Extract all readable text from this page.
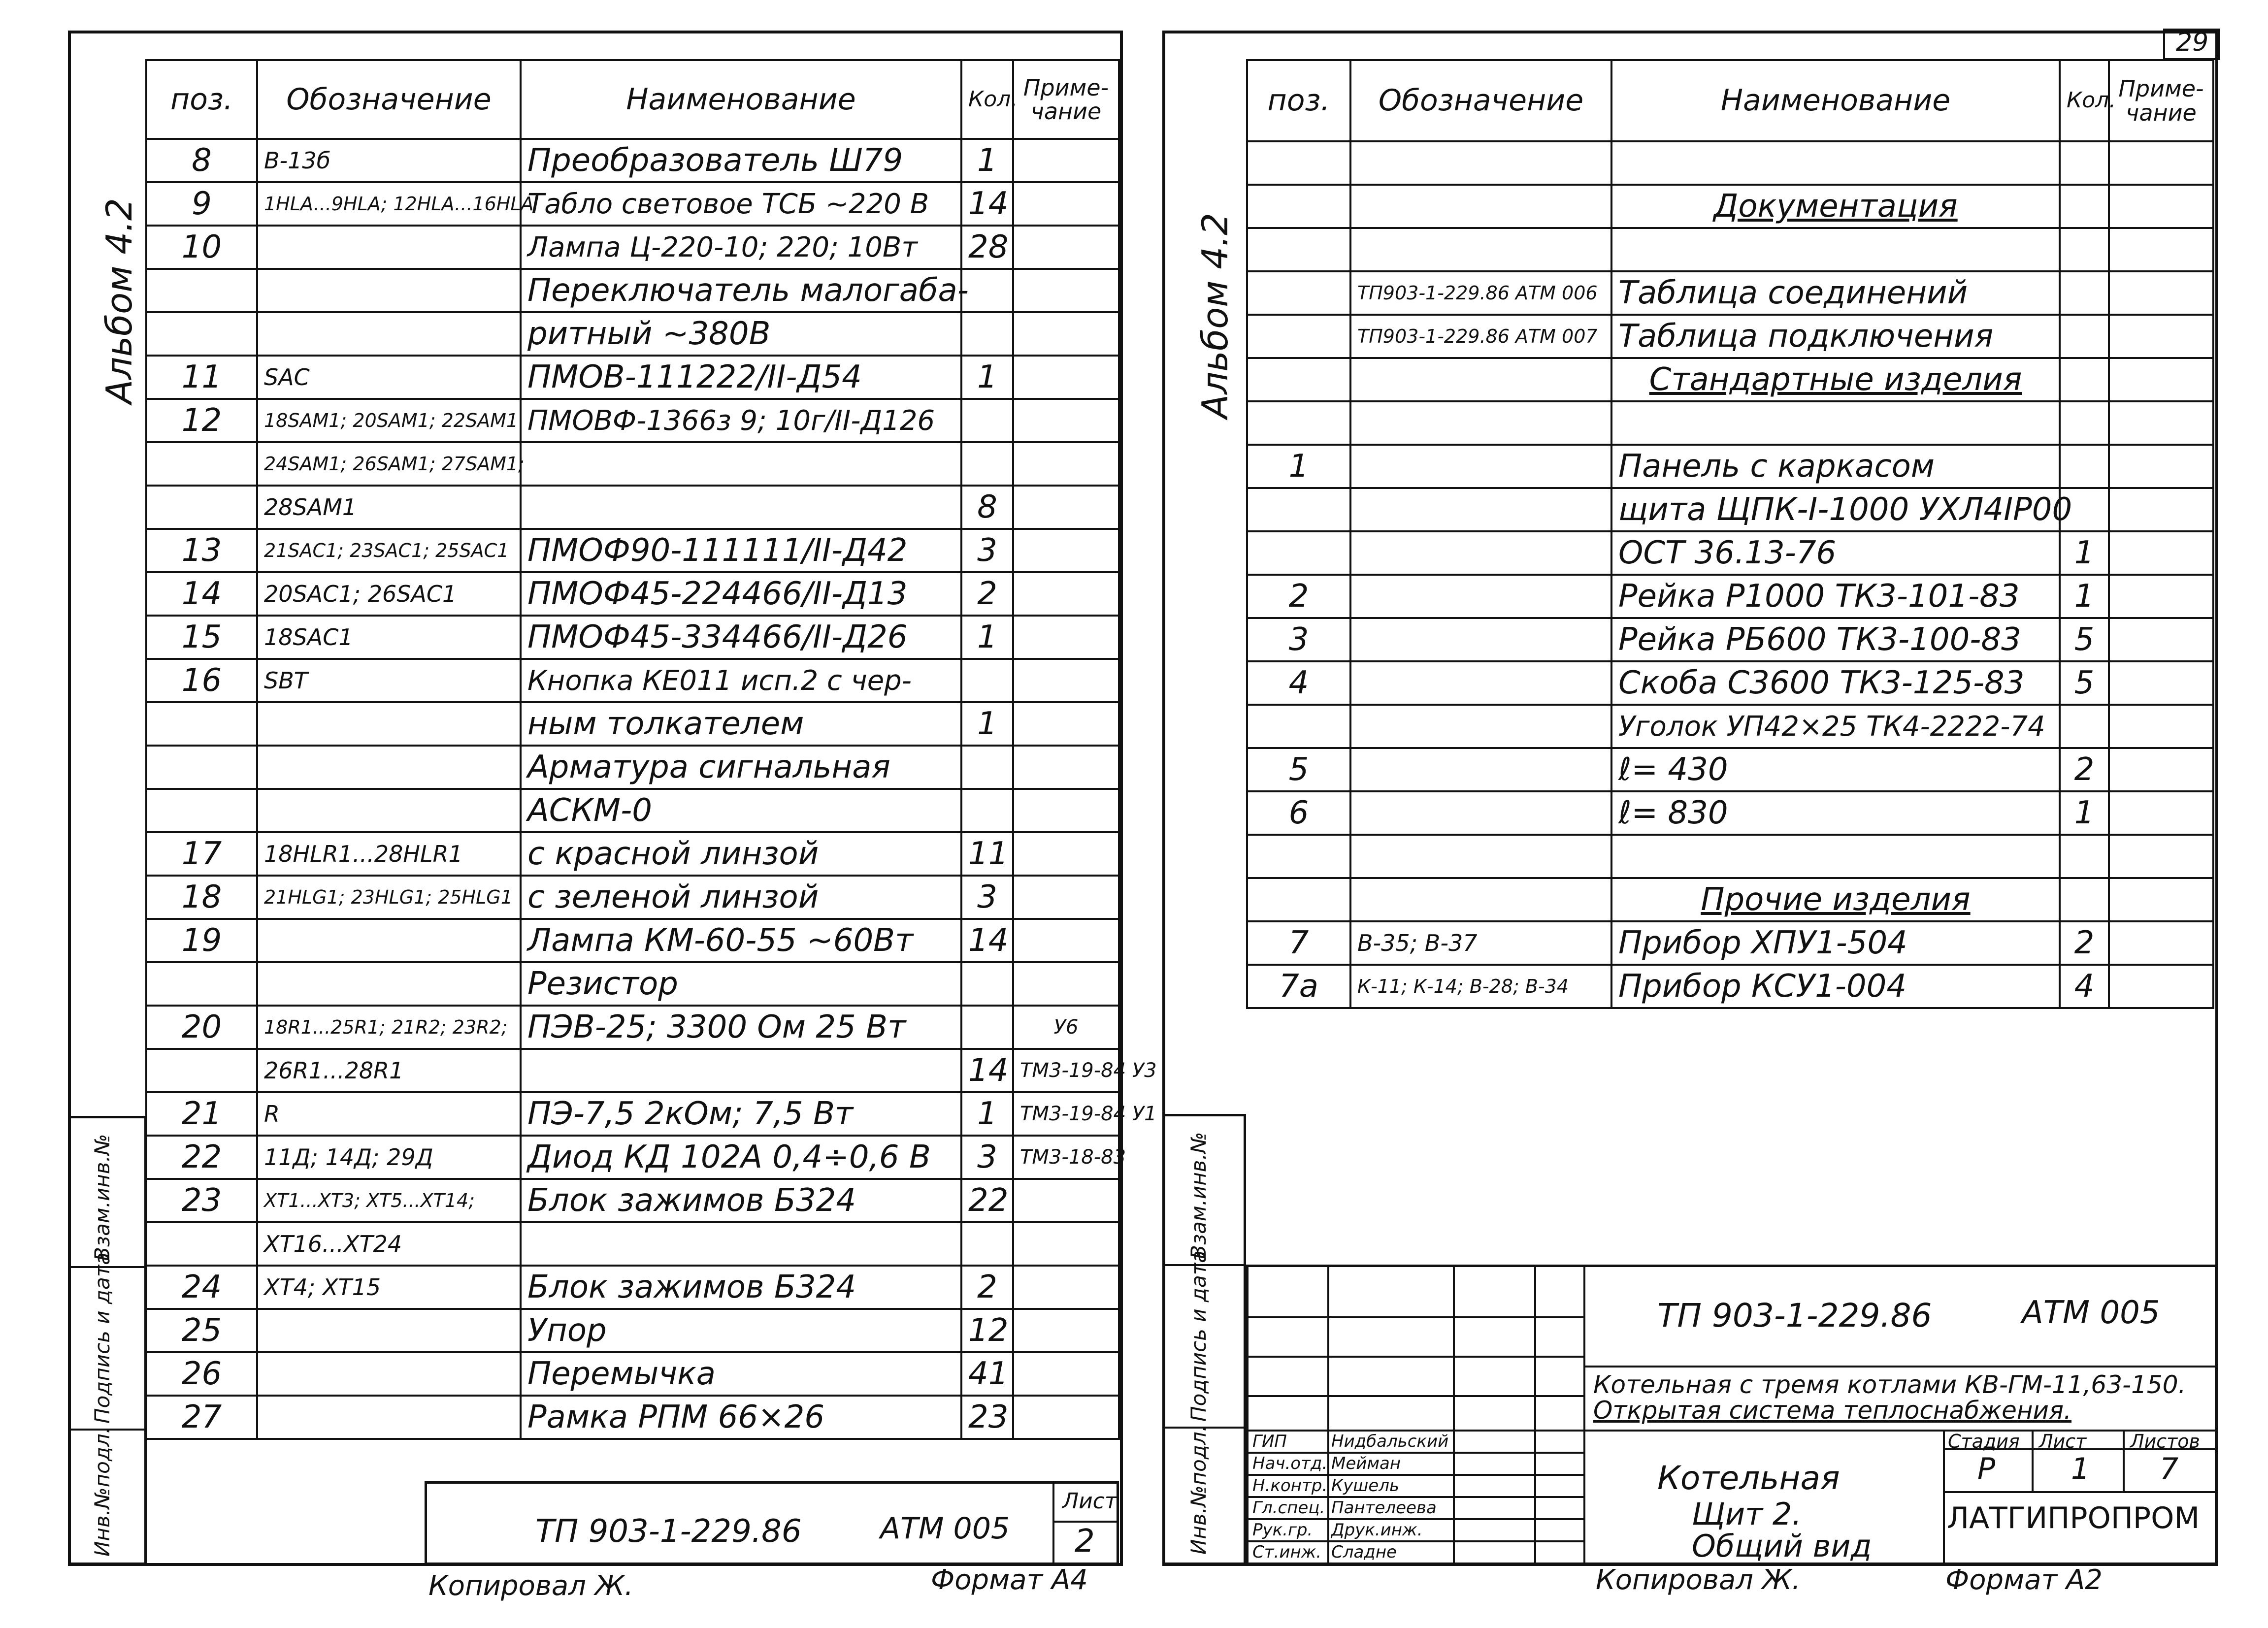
Альбом 4.2
поз.	Обозначение	Наименование	Кол.	Приме-чание
8	В-13б	Преобразователь Ш79	1	
9	1HLA...9HLA; 12HLA...16HLA	Табло световое ТСБ ~220 В	14	
10		Лампа Ц-220-10; 220; 10Вт	28	
		Переключатель малогаба-		
		ритный ~380В		
11	SAC	ПМОВ-111222/II-Д54	1	
12	18SAM1; 20SAM1; 22SAM1	ПМОВФ-1366з 9; 10г/II-Д126		
	24SAM1; 26SAM1; 27SAM1;			
	28SAM1		8	
13	21SAC1; 23SAC1; 25SAC1	ПМОФ90-111111/II-Д42	3	
14	20SAC1; 26SAC1	ПМОФ45-224466/II-Д13	2	
15	18SAC1	ПМОФ45-334466/II-Д26	1	
16	SBT	Кнопка КЕ011 исп.2 с чер-		
		ным толкателем	1	
		Арматура сигнальная		
		АСКМ-0		
17	18HLR1...28HLR1	с красной линзой	11	
18	21HLG1; 23HLG1; 25HLG1	с зеленой линзой	3	
19		Лампа КМ-60-55 ~60Вт	14	
		Резистор		
20	18R1...25R1; 21R2; 23R2;	ПЭВ-25; 3300 Ом 25 Вт		У6
	26R1...28R1		14	ТМ3-19-84 У3
21	R	ПЭ-7,5 2кОм; 7,5 Вт	1	ТМ3-19-84 У1
22	11Д; 14Д; 29Д	Диод КД 102А 0,4÷0,6 В	3	ТМ3-18-83
23	XT1...XT3; XT5...XT14;	Блок зажимов Б324	22	
	XT16...XT24			
24	XT4; XT15	Блок зажимов Б324	2	
25		Упор	12	
26		Перемычка	41	
27		Рамка РПМ 66×26	23	
Взам.инв.№
Подпись и дата
Инв.№подл.	ТП 903-1-229.86	АТМ 005
Лист
2
Копировал Ж.	Формат А4
29
Альбом 4.2
поз.	Обозначение	Наименование	Кол.	Приме-чание

		Документация		

	ТП903-1-229.86 АТМ 006	Таблица соединений		
	ТП903-1-229.86 АТМ 007	Таблица подключения		
		Стандартные изделия		

1		Панель с каркасом		
		щита ЩПК-I-1000 УХЛ4IP00		
		ОСТ 36.13-76	1	
2		Рейка Р1000 ТК3-101-83	1	
3		Рейка РБ600 ТК3-100-83	5	
4		Скоба С3600 ТК3-125-83	5	
		Уголок УП42×25 ТК4-2222-74		
5		ℓ= 430	2	
6		ℓ= 830	1	

		Прочие изделия		
7	В-35; В-37	Прибор ХПУ1-504	2	
7а	К-11; К-14; В-28; В-34	Прибор КСУ1-004	4	
Взам.инв.№
Подпись и дата
Инв.№подл.
ТП 903-1-229.86	АТМ 005
Котельная с тремя котлами КВ-ГМ-11,63-150.
Открытая система теплоснабжения.
Котельная
Щит 2.
Общий вид
Стадия Лист Листов
Р	1 7
ЛАТГИПРОПРОМ
ГИП	Нидбальский
Нач.отд. Мейман
Н.контр. Кушель
Гл.спец. Пантелеева
Рук.гр. Друк.инж.
Ст.инж. Сладне
Копировал Ж.	Формат А2
